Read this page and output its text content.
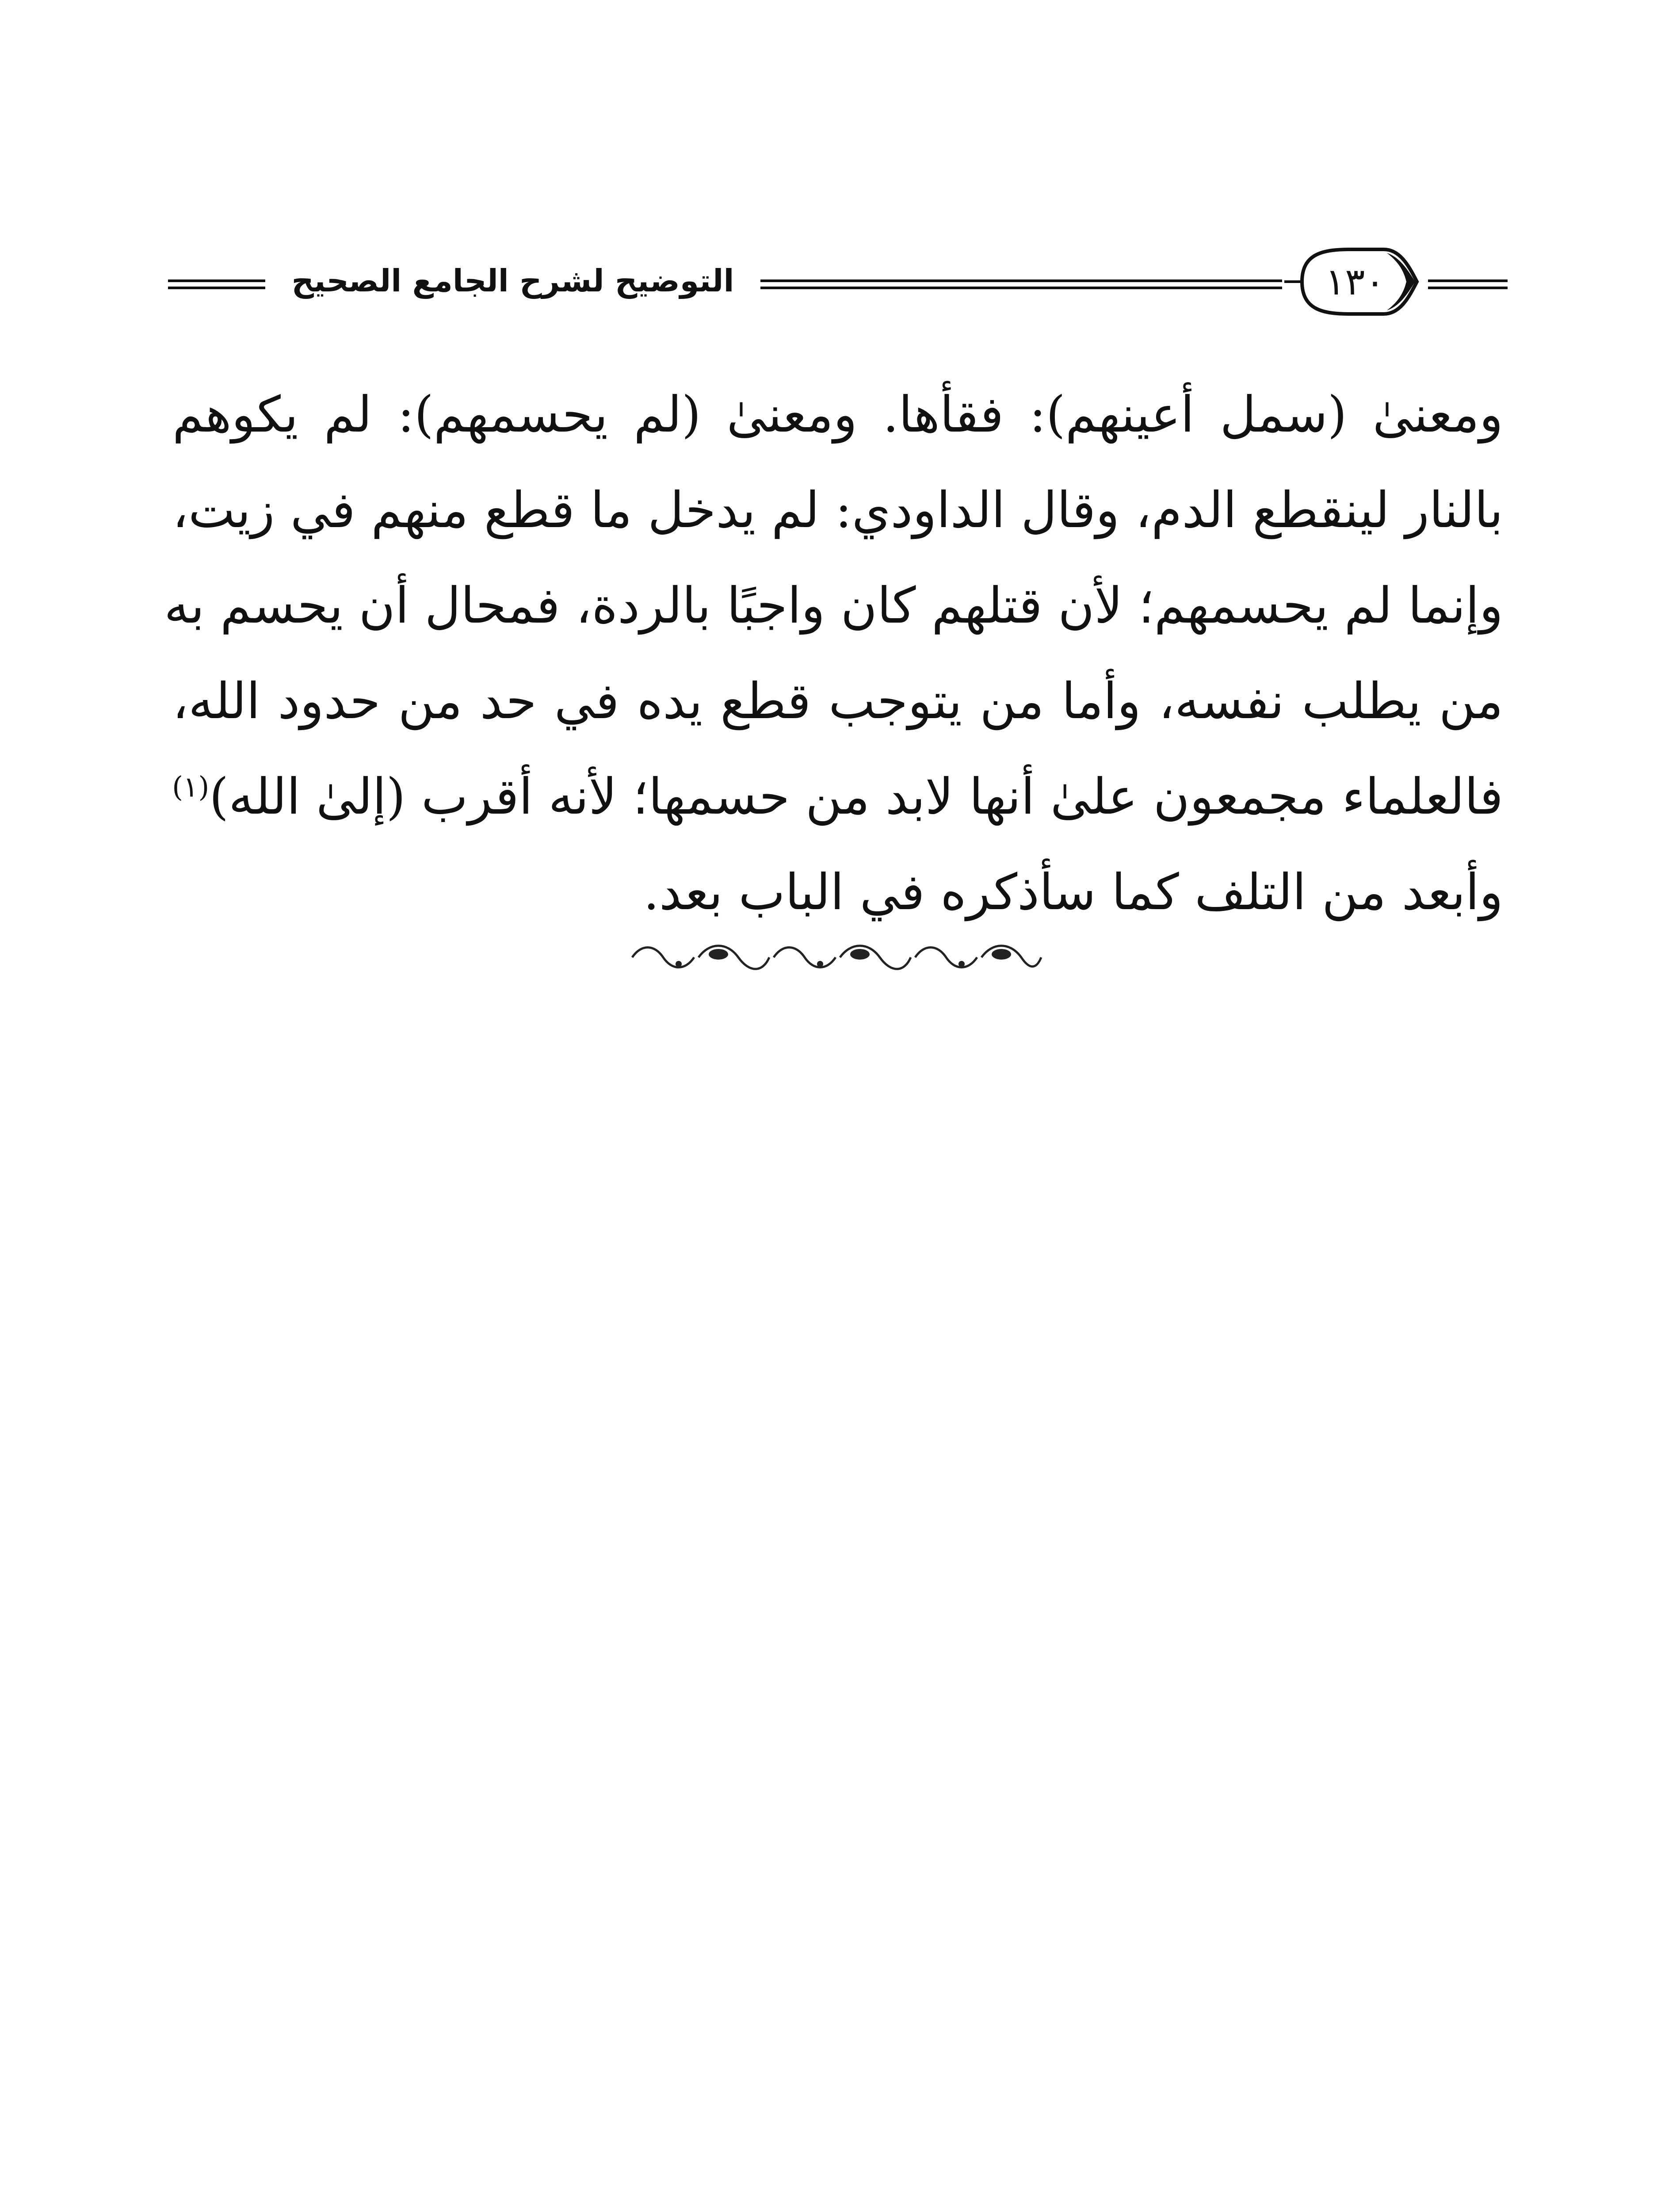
التوضيح لشرح الجامع الصحيح	١٣٠
ومعنىٰ (سمل أعينهم): فقأها. ومعنىٰ (لم يحسمهم): لم يكوهم
بالنار لينقطع الدم، وقال الداودي: لم يدخل ما قطع منهم في زيت،
وإنما لم يحسمهم؛ لأن قتلهم كان واجبًا بالردة، فمحال أن يحسم به
من يطلب نفسه، وأما من يتوجب قطع يده في حد من حدود الله،
فالعلماء مجمعون علىٰ أنها لابد من حسمها؛ لأنه أقرب (إلىٰ الله)$^{(١)}$
وأبعد من التلف كما سأذكره في الباب بعد.
